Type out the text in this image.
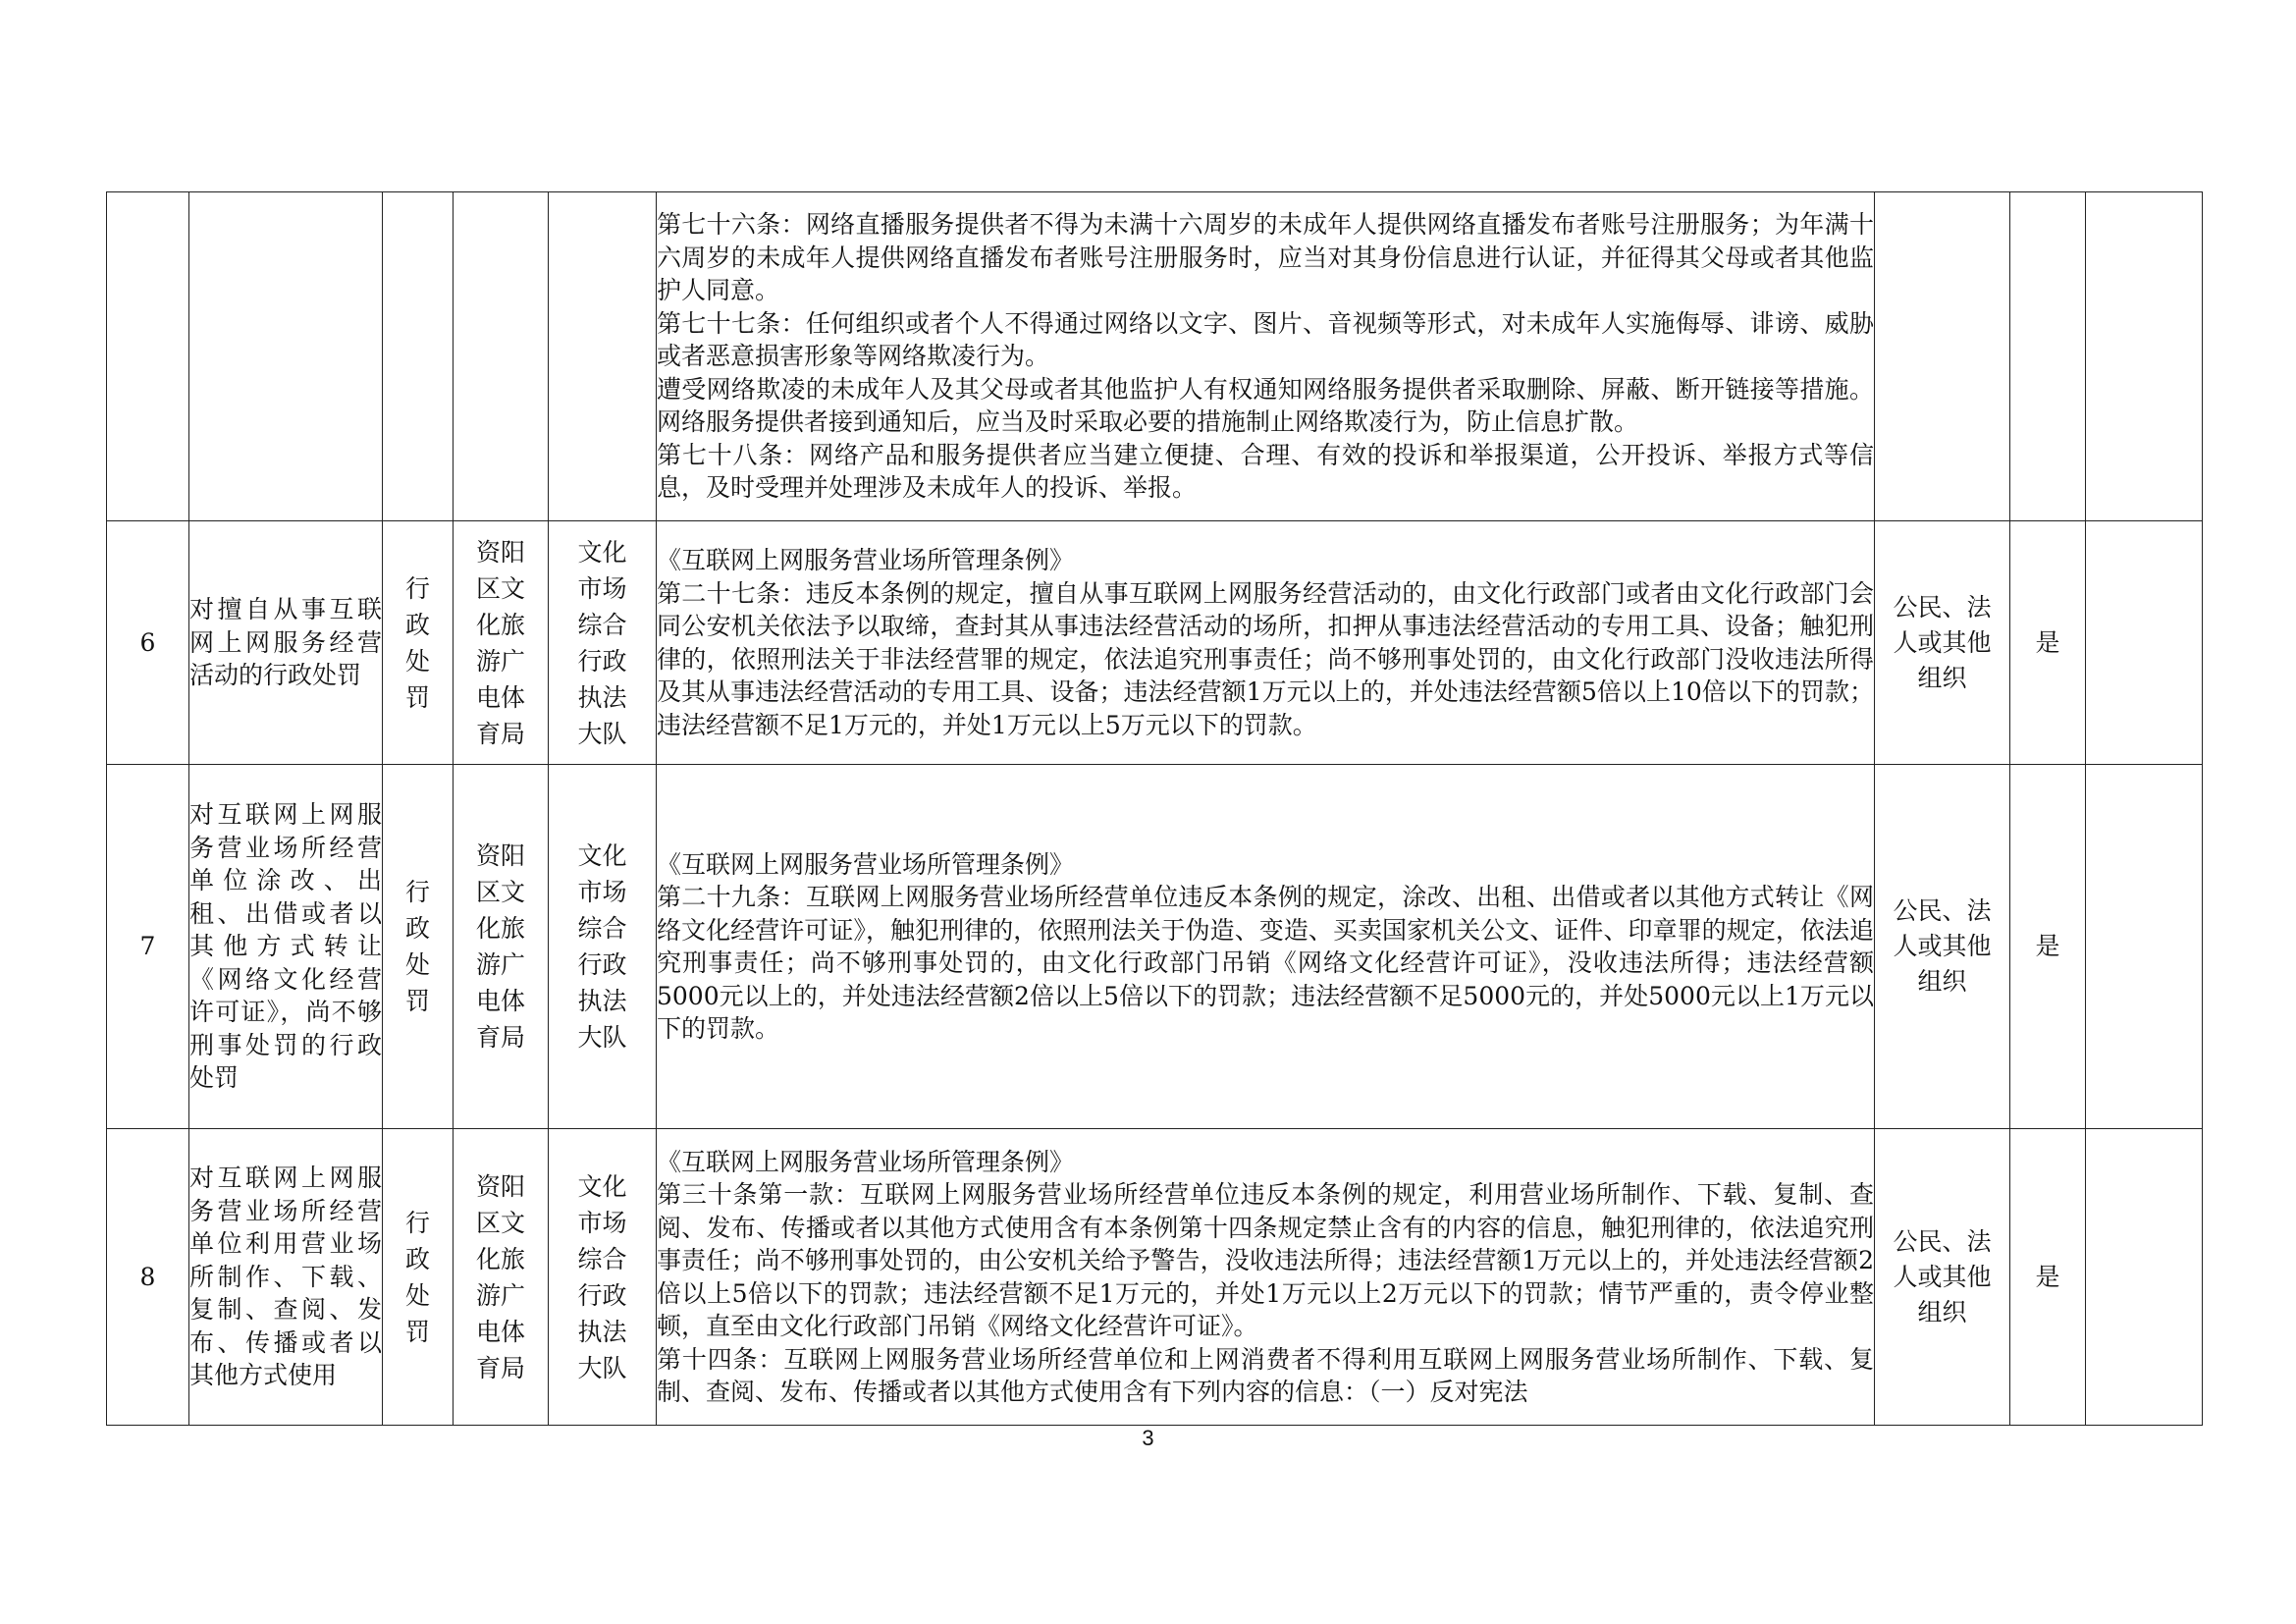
					第七十六条：网络直播服务提供者不得为未满十六周岁的未成年人提供网络直播发布者账号注册服务；为年满十六周岁的未成年人提供网络直播发布者账号注册服务时，应当对其身份信息进行认证，并征得其父母或者其他监护人同意。
第七十七条：任何组织或者个人不得通过网络以文字、图片、音视频等形式，对未成年人实施侮辱、诽谤、威胁或者恶意损害形象等网络欺凌行为。
遭受网络欺凌的未成年人及其父母或者其他监护人有权通知网络服务提供者采取删除、屏蔽、断开链接等措施。网络服务提供者接到通知后，应当及时采取必要的措施制止网络欺凌行为，防止信息扩散。
第七十八条：网络产品和服务提供者应当建立便捷、合理、有效的投诉和举报渠道，公开投诉、举报方式等信息，及时受理并处理涉及未成年人的投诉、举报。			

6	对擅自从事互联网上网服务经营活动的行政处罚	行政处罚	资阳区文化旅游广电体育局	文化市场综合行政执法大队	《互联网上网服务营业场所管理条例》
第二十七条：违反本条例的规定，擅自从事互联网上网服务经营活动的，由文化行政部门或者由文化行政部门会同公安机关依法予以取缔，查封其从事违法经营活动的场所，扣押从事违法经营活动的专用工具、设备；触犯刑律的，依照刑法关于非法经营罪的规定，依法追究刑事责任；尚不够刑事处罚的，由文化行政部门没收违法所得及其从事违法经营活动的专用工具、设备；违法经营额1万元以上的，并处违法经营额5倍以上10倍以下的罚款；违法经营额不足1万元的，并处1万元以上5万元以下的罚款。	公民、法人或其他组织	是	
7	对互联网上网服务营业场所经营单位涂改、出租、出借或者以其他方式转让《网络文化经营许可证》，尚不够刑事处罚的行政处罚	行政处罚	资阳区文化旅游广电体育局	文化市场综合行政执法大队	《互联网上网服务营业场所管理条例》
第二十九条：互联网上网服务营业场所经营单位违反本条例的规定，涂改、出租、出借或者以其他方式转让《网络文化经营许可证》，触犯刑律的，依照刑法关于伪造、变造、买卖国家机关公文、证件、印章罪的规定，依法追究刑事责任；尚不够刑事处罚的，由文化行政部门吊销《网络文化经营许可证》，没收违法所得；违法经营额5000元以上的，并处违法经营额2倍以上5倍以下的罚款；违法经营额不足5000元的，并处5000元以上1万元以下的罚款。	公民、法人或其他组织	是	
8	对互联网上网服务营业场所经营单位利用营业场所制作、下载、复制、查阅、发布、传播或者以其他方式使用	行政处罚	资阳区文化旅游广电体育局	文化市场综合行政执法大队	《互联网上网服务营业场所管理条例》
第三十条第一款：互联网上网服务营业场所经营单位违反本条例的规定，利用营业场所制作、下载、复制、查阅、发布、传播或者以其他方式使用含有本条例第十四条规定禁止含有的内容的信息，触犯刑律的，依法追究刑事责任；尚不够刑事处罚的，由公安机关给予警告，没收违法所得；违法经营额1万元以上的，并处违法经营额2倍以上5倍以下的罚款；违法经营额不足1万元的，并处1万元以上2万元以下的罚款；情节严重的，责令停业整顿，直至由文化行政部门吊销《网络文化经营许可证》。
第十四条：互联网上网服务营业场所经营单位和上网消费者不得利用互联网上网服务营业场所制作、下载、复制、查阅、发布、传播或者以其他方式使用含有下列内容的信息：（一）反对宪法	公民、法人或其他组织	是	
3
